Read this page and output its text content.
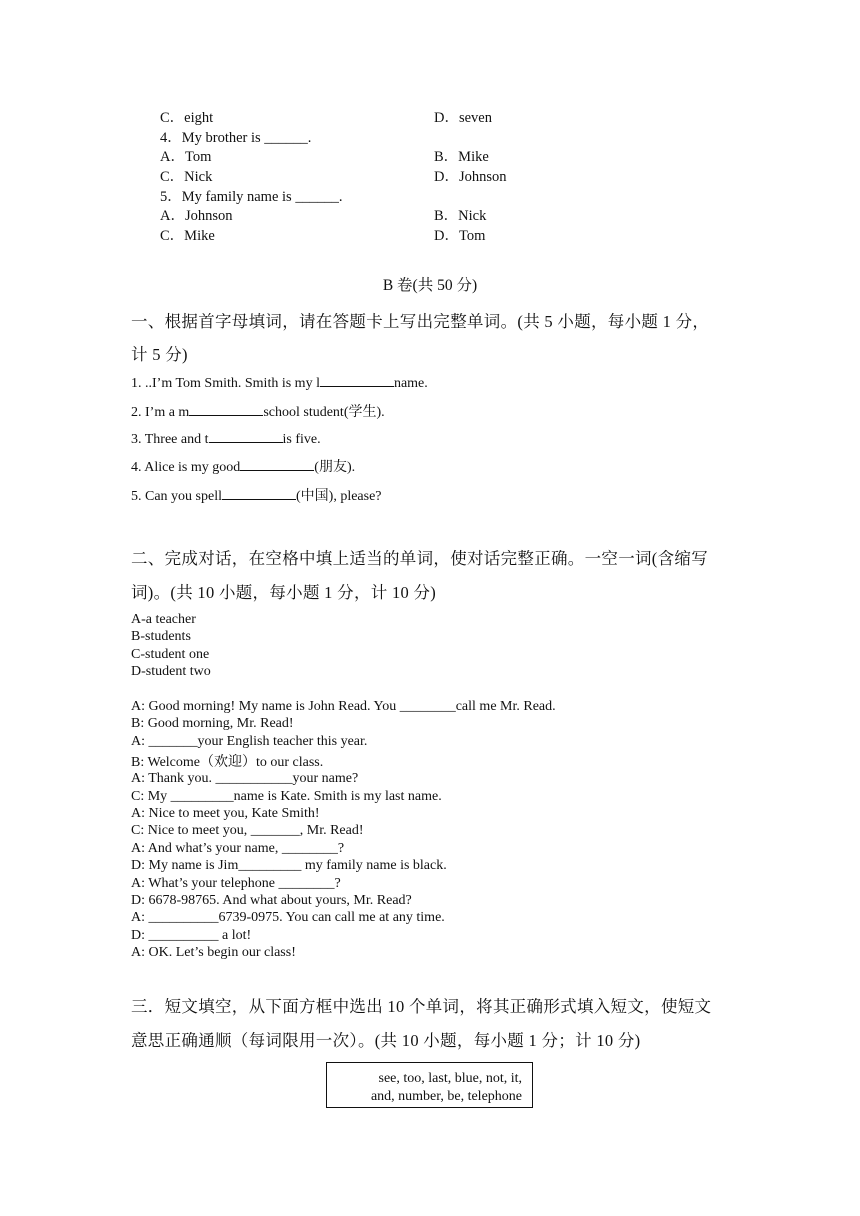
C．eight	D．seven
4．My brother is ______.
A．Tom	B．Mike
C．Nick	D．Johnson
5．My family name is ______.
A．Johnson	B．Nick
C．Mike	D．Tom
B 卷(共 50 分)
一、根据首字母填词，请在答题卡上写出完整单词。(共 5 小题，每小题 1 分，
计 5 分)
1. ..I’m Tom Smith. Smith is my l	name.
2. I’m a m	school student(学生).
3. Three and t	is five.
4. Alice is my good	(朋友).
5. Can you spell	(中国), please?
二、完成对话，在空格中填上适当的单词，使对话完整正确。一空一词(含缩写
词)。(共 10 小题，每小题 1 分，计 10 分)
A-a teacher
B-students
C-student one
D-student two
A: Good morning! My name is John Read. You ________call me Mr. Read.
B: Good morning, Mr. Read!
A: _______your English teacher this year.
B: Welcome（欢迎）to our class.
A: Thank you. ___________your name?
C: My _________name is Kate. Smith is my last name.
A: Nice to meet you, Kate Smith!
C: Nice to meet you, _______, Mr. Read!
A: And what’s your name, ________?
D: My name is Jim_________ my family name is black.
A: What’s your telephone ________?
D: 6678-98765. And what about yours, Mr. Read?
A: __________6739-0975. You can call me at any time.
D: __________ a lot!
A: OK. Let’s begin our class!
三．短文填空，从下面方框中选出 10 个单词，将其正确形式填入短文，使短文
意思正确通顺（每词限用一次）。(共 10 小题，每小题 1 分；计 10 分)
see, too, last, blue, not, it,
and, number, be, telephone
